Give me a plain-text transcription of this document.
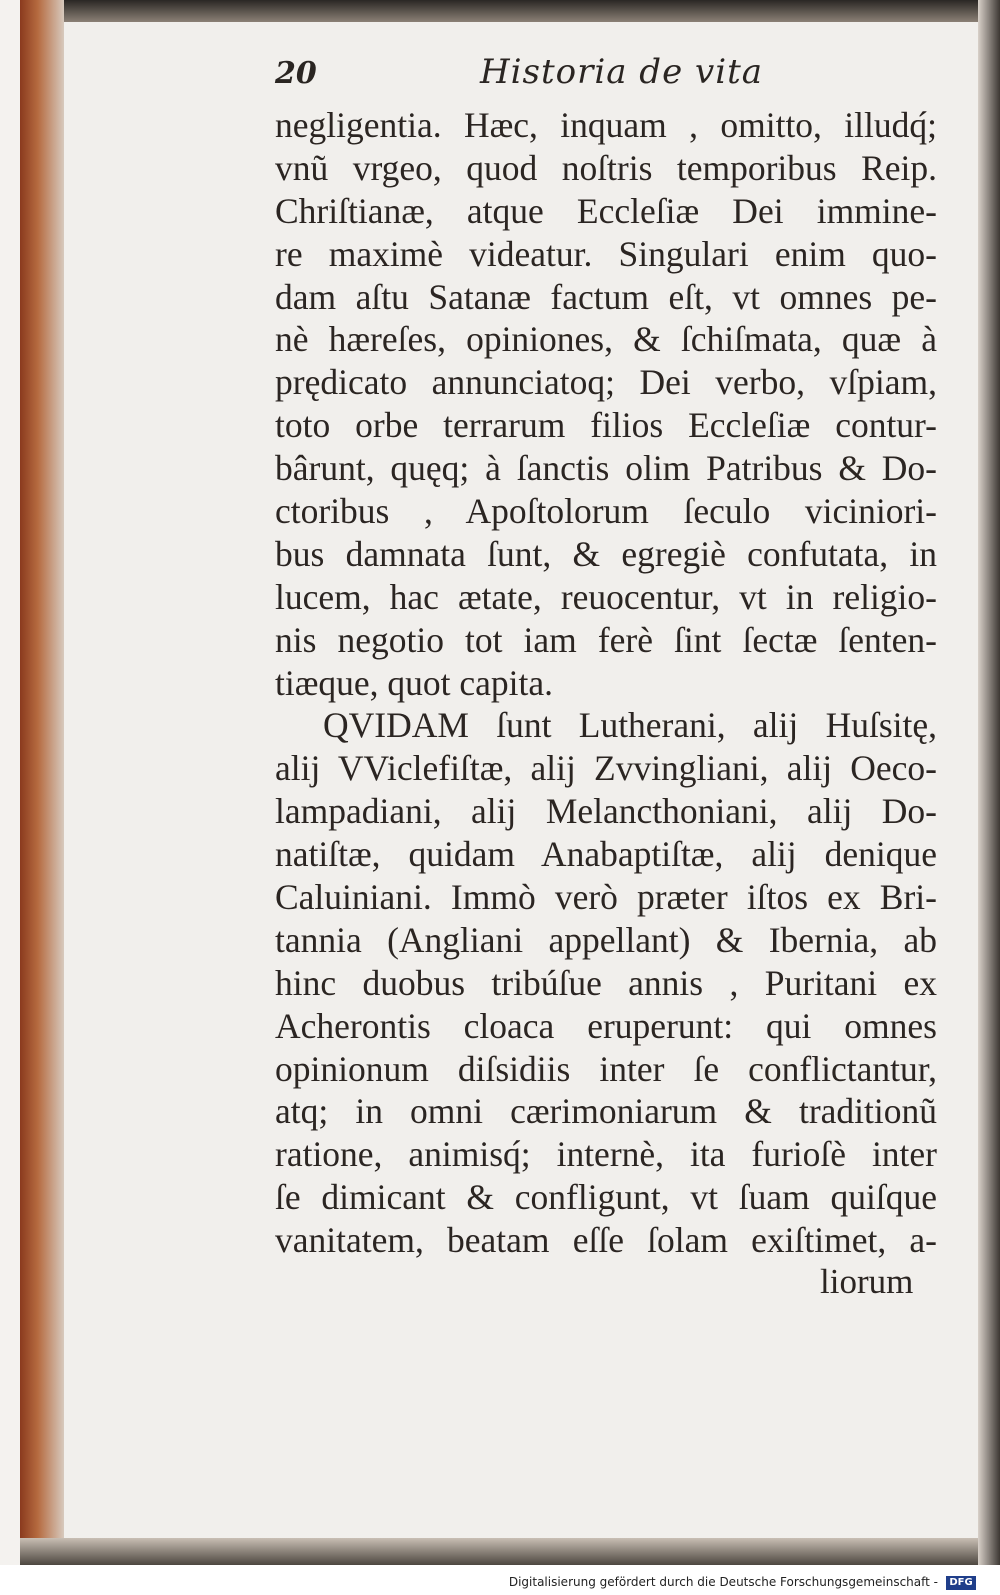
20	Historia de vita
negligentia. Hæc, inquam , omitto, illudq́;
vnũ vrgeo, quod noſtris temporibus Reip.
Chriſtianæ, atque Eccleſiæ Dei immine-
re maximè videatur. Singulari enim quo-
dam aſtu Satanæ factum eſt, vt omnes pe-
nè hæreſes, opiniones, & ſchiſmata, quæ à
prędicato annunciatoq; Dei verbo, vſpiam,
toto orbe terrarum filios Eccleſiæ contur-
bârunt, quęq; à ſanctis olim Patribus & Do-
ctoribus , Apoſtolorum ſeculo viciniori-
bus damnata ſunt, & egregiè confutata, in
lucem, hac ætate, reuocentur, vt in religio-
nis negotio tot iam ferè ſint ſectæ ſenten-
tiæque, quot capita.
QVIDAM ſunt Lutherani, alij Huſsitę,
alij VViclefiſtæ, alij Zvvingliani, alij Oeco-
lampadiani, alij Melancthoniani, alij Do-
natiſtæ, quidam Anabaptiſtæ, alij denique
Caluiniani. Immò verò præter iſtos ex Bri-
tannia (Angliani appellant) & Ibernia, ab
hinc duobus tribúſue annis , Puritani ex
Acherontis cloaca eruperunt: qui omnes
opinionum diſsidiis inter ſe conflictantur,
atq; in omni cærimoniarum & traditionũ
ratione, animisq́; internè, ita furioſè inter
ſe dimicant & confligunt, vt ſuam quiſque
vanitatem, beatam eſſe ſolam exiſtimet, a-
liorum
Digitalisierung gefördert durch die Deutsche Forschungsgemeinschaft -	DFG
